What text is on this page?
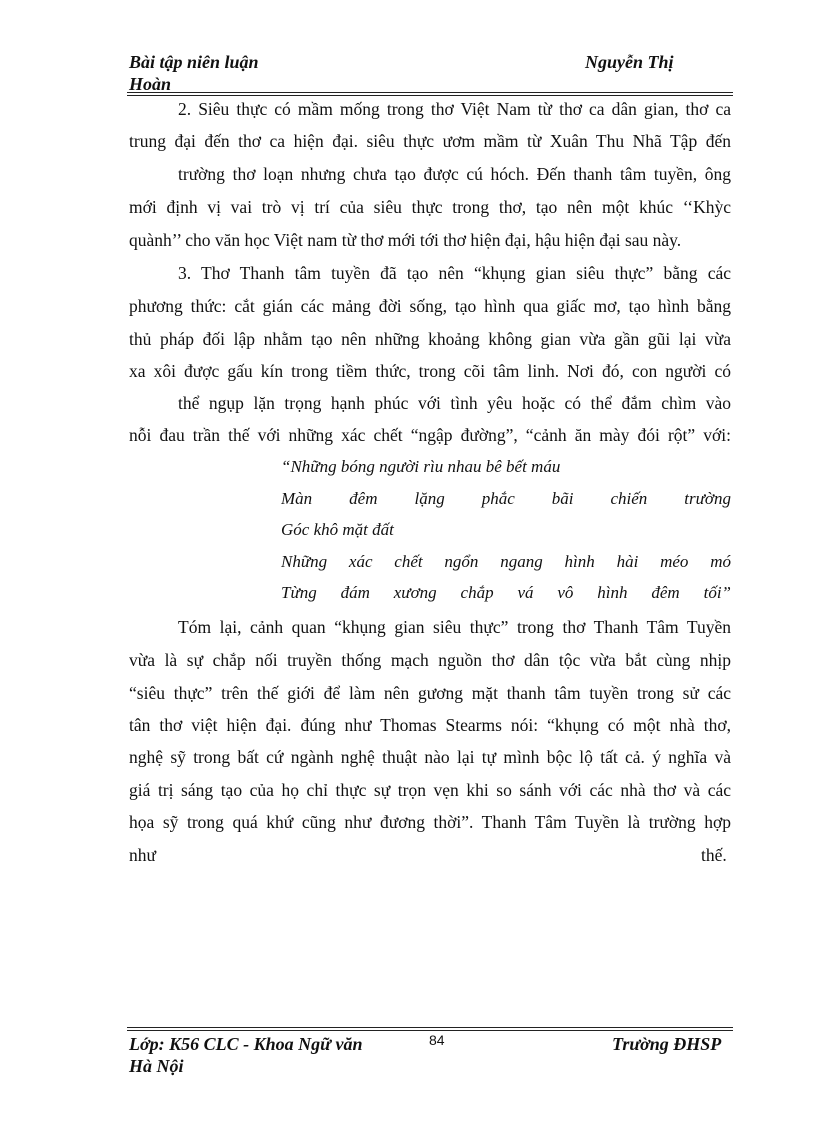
Bài tập niên luận	Nguyễn Thị
Hoàn
2. Siêu thực có mầm mống trong thơ Việt Nam từ thơ ca dân gian, thơ ca
trung đại đến thơ ca hiện đại. siêu thực ươm mầm từ Xuân Thu Nhã Tập đến
trường thơ loạn nhưng chưa tạo được cú hóch. Đến thanh tâm tuyền, ông
mới định vị vai trò vị trí của siêu thực trong thơ, tạo nên một khúc ‘‘Khỳc
quành’’ cho văn học Việt nam từ thơ mới tới thơ hiện đại, hậu hiện đại sau này.
3. Thơ Thanh tâm tuyền đã tạo nên “khụng gian siêu thực” bằng các
phương thức: cắt gián các mảng đời sống, tạo hình qua giấc mơ, tạo hình bằng
thủ pháp đối lập nhằm tạo nên những khoảng không gian vừa gần gũi lại vừa
xa xôi được gấu kín trong tiềm thức, trong cõi tâm linh. Nơi đó, con người có
thể ngụp lặn trọng hạnh phúc với tình yêu hoặc có thể đắm chìm vào
nỗi đau trần thế với những xác chết “ngập đường”, “cảnh ăn mày đói rột” với:
“Những bóng người rìu nhau bê bết máu
Màn đêm lặng phắc bãi chiến trường
Góc khô mặt đất
Những xác chết ngổn ngang hình hài méo mó
Từng đám xương chắp vá vô hình đêm tối”
Tóm lại, cảnh quan “khụng gian siêu thực” trong thơ Thanh Tâm Tuyền
vừa là sự chắp nối truyền thống mạch nguồn thơ dân tộc vừa bắt cùng nhịp
“siêu thực” trên thế giới để làm nên gương mặt thanh tâm tuyền trong sử các
tân thơ việt hiện đại. đúng như Thomas Stearms nói: “khụng có một nhà thơ,
nghệ sỹ trong bất cứ ngành nghệ thuật nào lại tự mình bộc lộ tất cả. ý nghĩa và
giá trị sáng tạo của họ chỉ thực sự trọn vẹn khi so sánh với các nhà thơ và các
họa sỹ trong quá khứ cũng như đương thời”. Thanh Tâm Tuyền là trường hợp
như	thế.
Lớp: K56 CLC - Khoa Ngữ văn	84	Trường ĐHSP
Hà Nội
